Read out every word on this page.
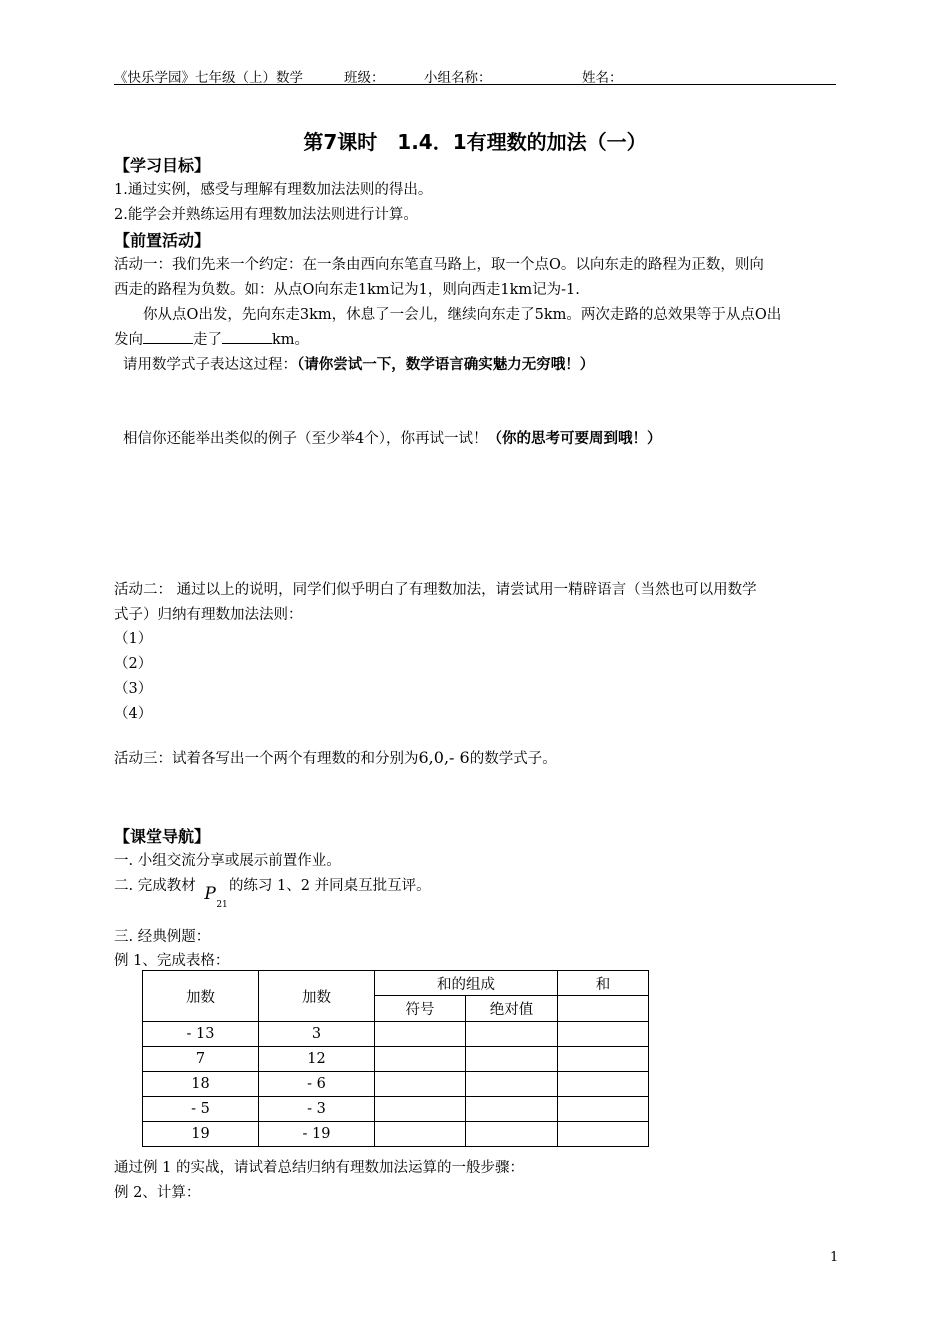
《快乐学园》七年级（上）数学	班级：	小组名称：	姓名：
第7课时　1.4．1有理数的加法（一）
【学习目标】
1.通过实例，感受与理解有理数加法法则的得出。
2.能学会并熟练运用有理数加法法则进行计算。
【前置活动】
活动一：我们先来一个约定：在一条由西向东笔直马路上，取一个点O。以向东走的路程为正数，则向
西走的路程为负数。如：从点O向东走1km记为1，则向西走1km记为-1.
你从点O出发，先向东走3km，休息了一会儿，继续向东走了5km。两次走路的总效果等于从点O出
发向	走了	km。
请用数学式子表达这过程：（请你尝试一下，数学语言确实魅力无穷哦！）
相信你还能举出类似的例子（至少举4个），你再试一试！（你的思考可要周到哦！）
活动二： 通过以上的说明，同学们似乎明白了有理数加法，请尝试用一精辟语言（当然也可以用数学
式子）归纳有理数加法法则：
（1）
（2）
（3）
（4）
活动三：试着各写出一个两个有理数的和分别为6,0,- 6的数学式子。
【课堂导航】
一. 小组交流分享或展示前置作业。
二. 完成教材 P
21
的练习 1、2 并同桌互批互评。
三. 经典例题：
例 1、完成表格：
加数	加数	和的组成		和
		符号	绝对值	
- 13	3			
7	12			
18	- 6			
- 5	- 3			
19	- 19			
通过例 1 的实战，请试着总结归纳有理数加法运算的一般步骤：
例 2、计算：
1
